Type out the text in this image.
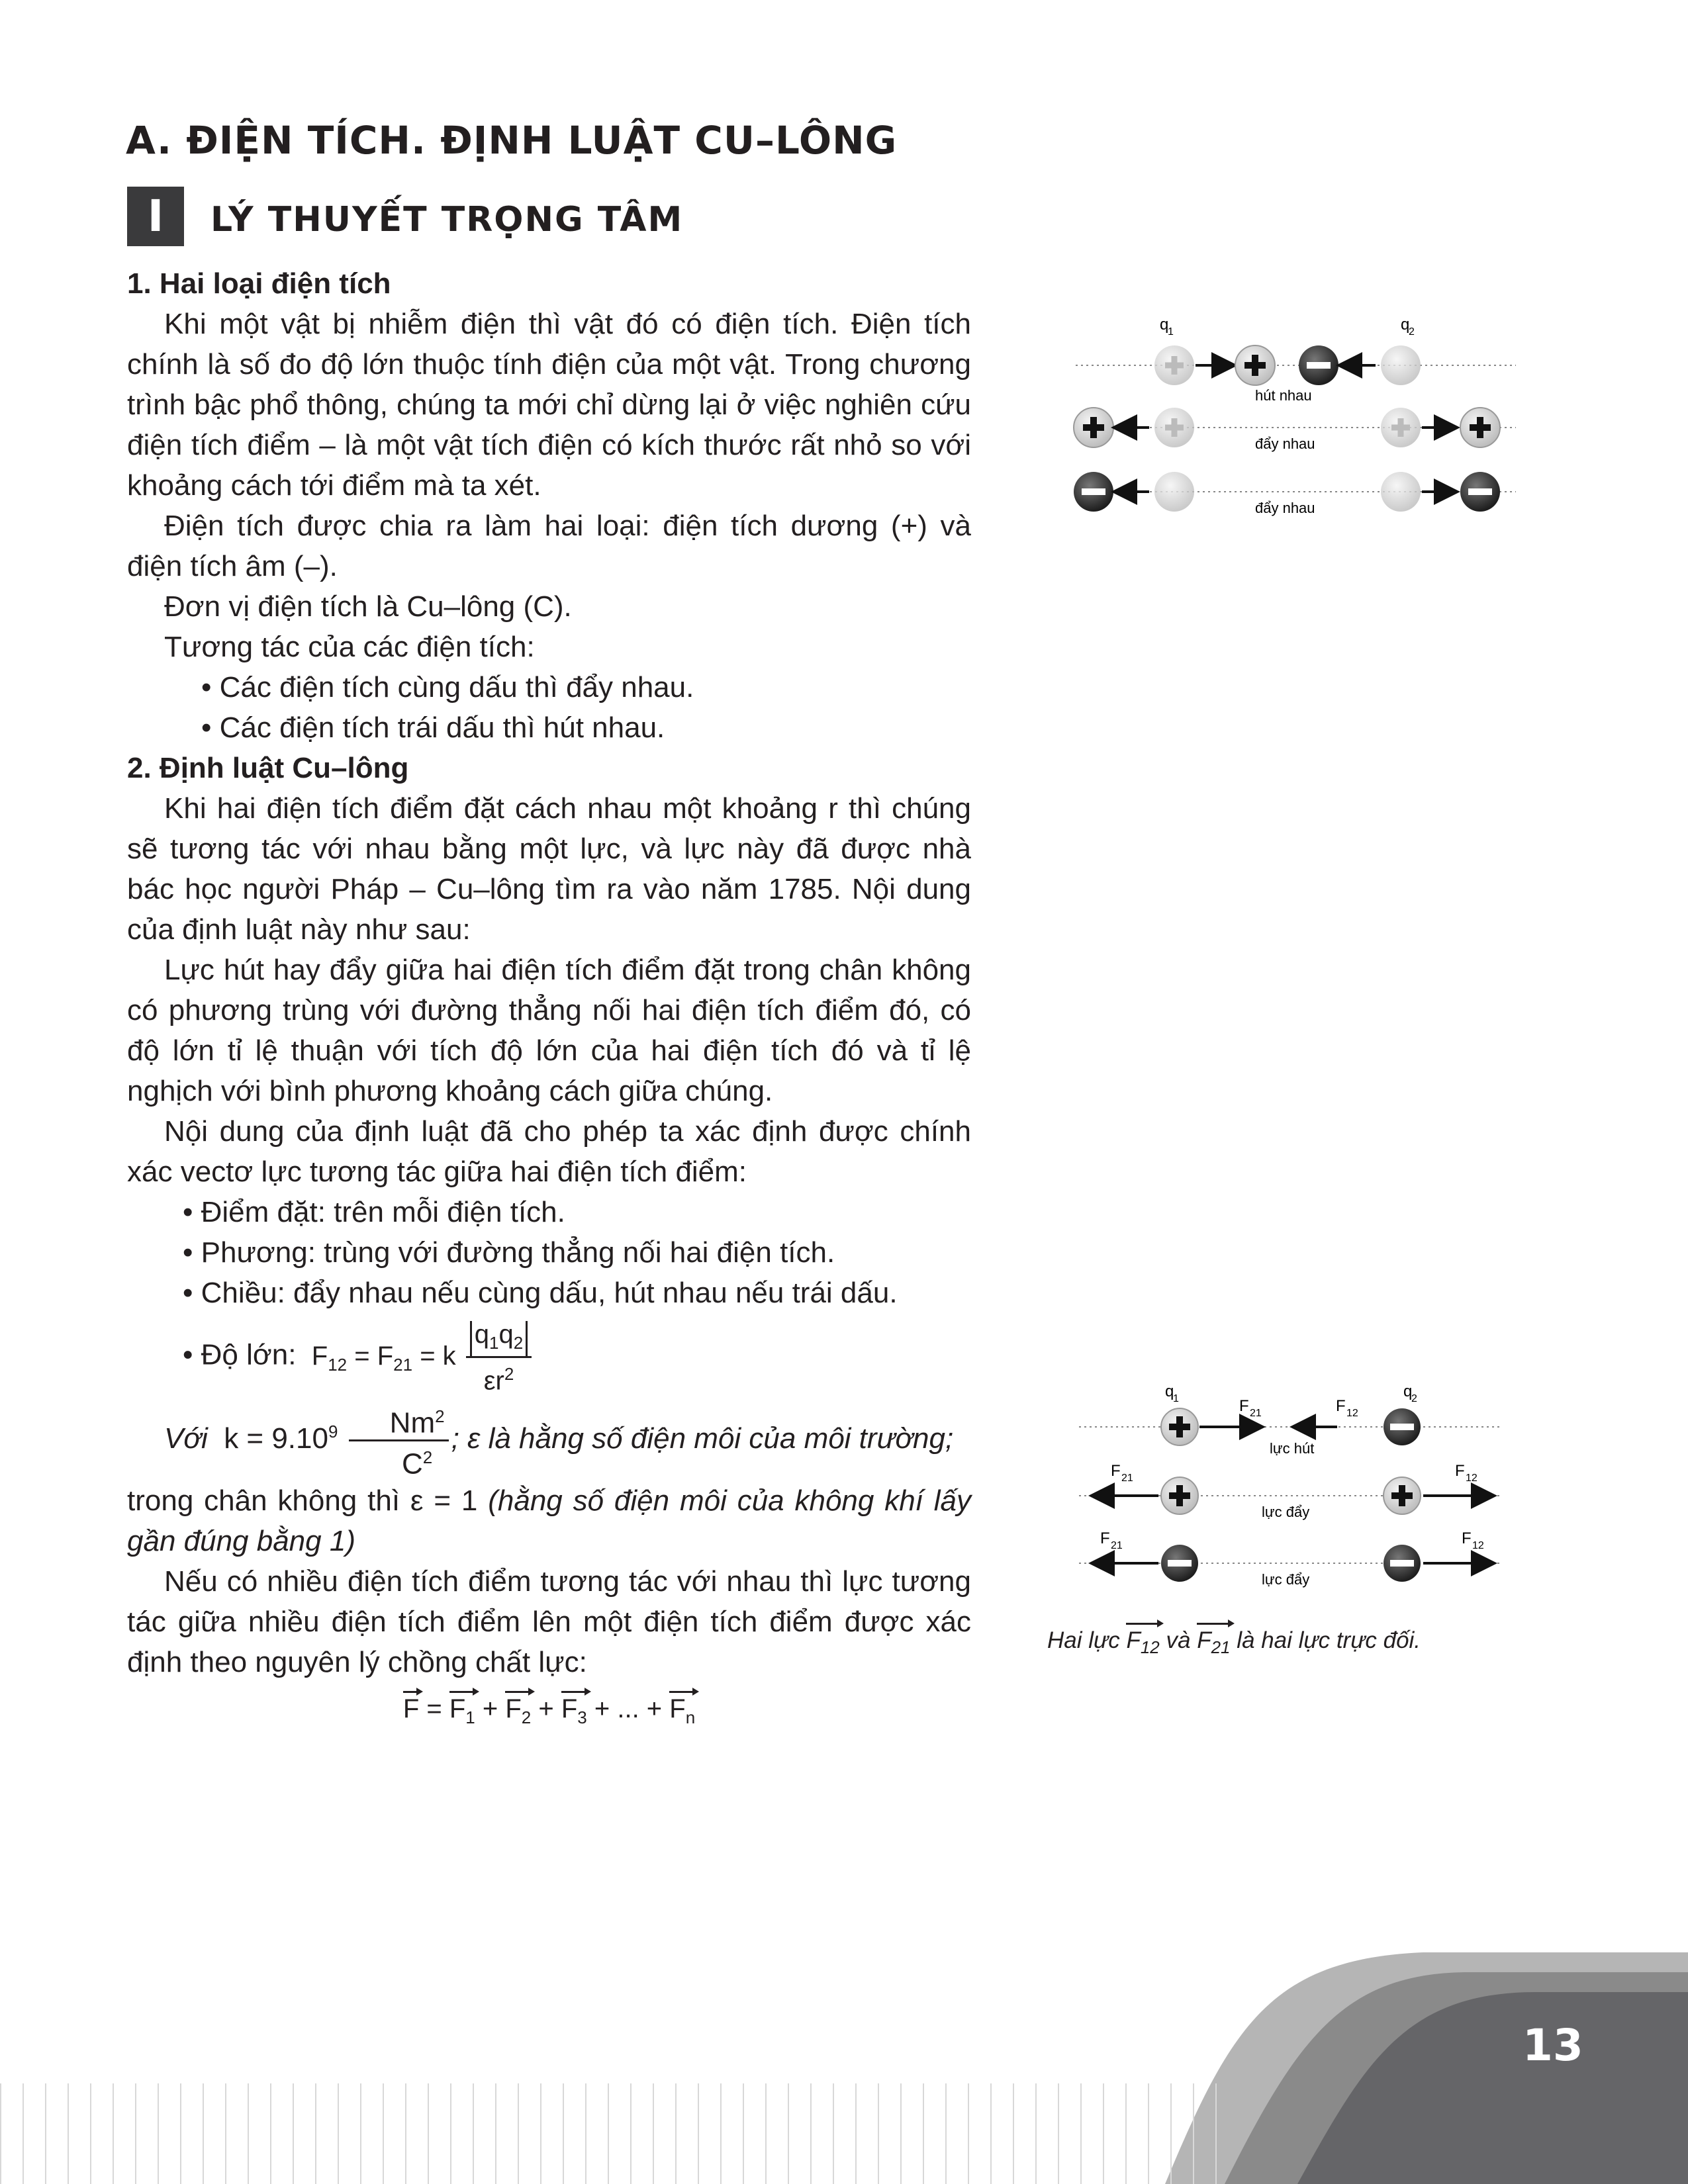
A. ĐIỆN TÍCH. ĐỊNH LUẬT CU–LÔNG
I	LÝ THUYẾT TRỌNG TÂM

1. Hai loại điện tích

Khi một vật bị nhiễm điện thì vật đó có điện tích. Điện tích chính là số đo độ lớn thuộc tính điện của một vật. Trong chương trình bậc phổ thông, chúng ta mới chỉ dừng lại ở việc nghiên cứu điện tích điểm – là một vật tích điện có kích thước rất nhỏ so với khoảng cách tới điểm mà ta xét.

Điện tích được chia ra làm hai loại: điện tích dương (+) và điện tích âm (–).

Đơn vị điện tích là Cu–lông (C).

Tương tác của các điện tích:

• Các điện tích cùng dấu thì đẩy nhau.

• Các điện tích trái dấu thì hút nhau.

2. Định luật Cu–lông

Khi hai điện tích điểm đặt cách nhau một khoảng r thì chúng sẽ tương tác với nhau bằng một lực, và lực này đã được nhà bác học người Pháp – Cu–lông tìm ra vào năm 1785. Nội dung của định luật này như sau:

Lực hút hay đẩy giữa hai điện tích điểm đặt trong chân không có phương trùng với đường thẳng nối hai điện tích điểm đó, có độ lớn tỉ lệ thuận với tích độ lớn của hai điện tích đó và tỉ lệ nghịch với bình phương khoảng cách giữa chúng.

Nội dung của định luật đã cho phép ta xác định được chính xác vectơ lực tương tác giữa hai điện tích điểm:

• Điểm đặt: trên mỗi điện tích.

• Phương: trùng với đường thẳng nối hai điện tích.

• Chiều: đẩy nhau nếu cùng dấu, hút nhau nếu trái dấu.

• Độ lớn:  $F_{12} = F_{21} = k \frac{q_1q_2}{\varepsilon r^2}$

Với $k = 9.10^9 \frac{Nm^2}{C^2}$ ; ε là hằng số điện môi của môi trường;

trong chân không thì ε = 1 (hằng số điện môi của không khí lấy gần đúng bằng 1)

Nếu có nhiều điện tích điểm tương tác với nhau thì lực tương tác giữa nhiều điện tích điểm lên một điện tích điểm được xác định theo nguyên lý chồng chất lực:

$F = F_1 + F_2 + F_3$ + ... + $F_n$

q
1	q
2
hút nhau
đẩy nhau
đẩy nhau
q
1	q
2
F 21	F 12
lực hút
F 21	F 12
lực đẩy
F 21	F 12
lực đẩy
Hai lực $F_{12}$ và $F_{21}$ là hai lực trực đối.
13
